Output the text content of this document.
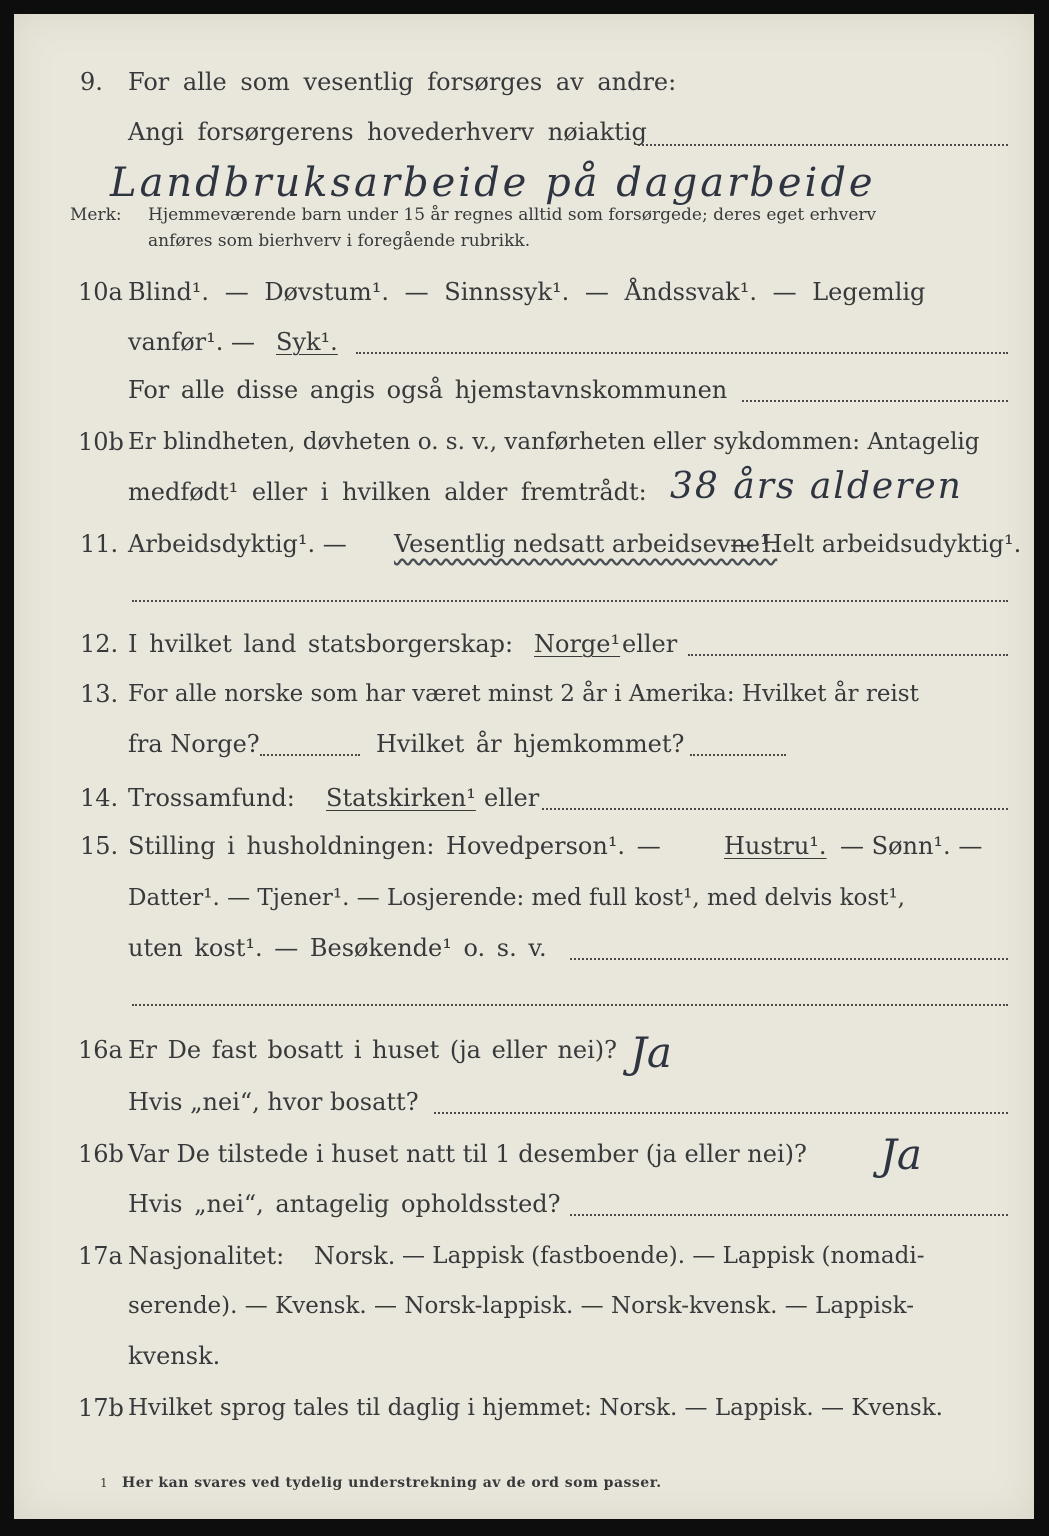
9. For alle som vesentlig forsørges av andre:
Angi forsørgerens hovederhverv nøiaktig
Landbruksarbeide på dagarbeide
Merk: Hjemmeværende barn under 15 år regnes alltid som forsørgede; deres eget erhverv
anføres som bierhverv i foregående rubrikk.
10a Blind¹. — Døvstum¹. — Sinnssyk¹. — Åndssvak¹. — Legemlig
vanfør¹. — Syk¹.
For alle disse angis også hjemstavnskommunen
10b Er blindheten, døvheten o. s. v., vanførheten eller sykdommen: Antagelig
medfødt¹ eller i hvilken alder fremtrådt: 38 års alderen
11. Arbeidsdyktig¹. — Vesentlig nedsatt arbeidsevne¹.
— Helt arbeidsudyktig¹.
12. I hvilket land statsborgerskap: Norge¹ eller
13. For alle norske som har været minst 2 år i Amerika: Hvilket år reist
fra Norge?	Hvilket år hjemkommet?
14. Trossamfund: Statskirken¹ eller
15. Stilling i husholdningen: Hovedperson¹. —	Hustru¹. — Sønn¹. —
Datter¹. — Tjener¹. — Losjerende: med full kost¹, med delvis kost¹,
uten kost¹. — Besøkende¹ o. s. v.
16a Er De fast bosatt i huset (ja eller nei)? Ja
Hvis „nei“, hvor bosatt?
16b Var De tilstede i huset natt til 1 desember (ja eller nei)? Ja
Hvis „nei“, antagelig opholdssted?
17a Nasjonalitet: Norsk. — Lappisk (fastboende). — Lappisk (nomadi-
serende). — Kvensk. — Norsk-lappisk. — Norsk-kvensk. — Lappisk-
kvensk.
17b Hvilket sprog tales til daglig i hjemmet: Norsk. — Lappisk. — Kvensk.
1 Her kan svares ved tydelig understrekning av de ord som passer.
